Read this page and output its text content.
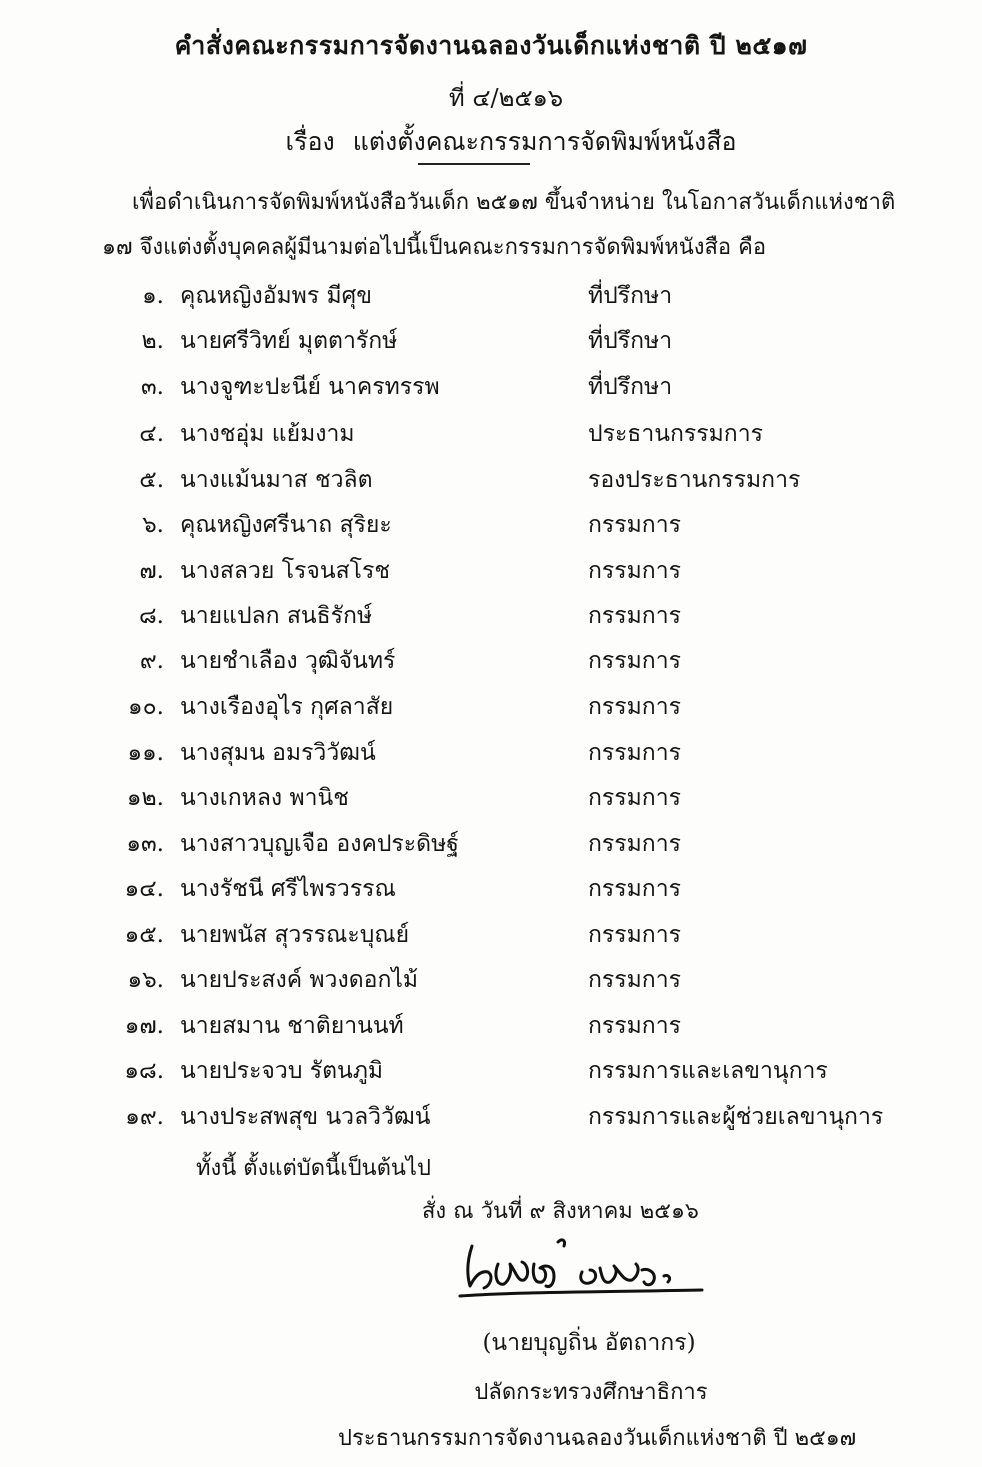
คำสั่งคณะกรรมการจัดงานฉลองวันเด็กแห่งชาติ ปี ๒๕๑๗
ที่ ๔/๒๕๑๖
เรื่อง แต่งตั้งคณะกรรมการจัดพิมพ์หนังสือ
เพื่อดำเนินการจัดพิมพ์หนังสือวันเด็ก ๒๕๑๗ ขึ้นจำหน่าย ในโอกาสวันเด็กแห่งชาติ
๑๗ จึงแต่งตั้งบุคคลผู้มีนามต่อไปนี้เป็นคณะกรรมการจัดพิมพ์หนังสือ คือ
๑. คุณหญิงอัมพร มีศุข	ที่ปรึกษา
๒. นายศรีวิทย์ มุตตารักษ์	ที่ปรึกษา
๓. นางจูฑะปะนีย์ นาครทรรพ	ที่ปรึกษา
๔. นางชอุ่ม แย้มงาม	ประธานกรรมการ
๕. นางแม้นมาส ชวลิต	รองประธานกรรมการ
๖. คุณหญิงศรีนาถ สุริยะ	กรรมการ
๗. นางสลวย โรจนสโรช	กรรมการ
๘. นายแปลก สนธิรักษ์	กรรมการ
๙. นายชำเลือง วุฒิจันทร์	กรรมการ
๑๐. นางเรืองอุไร กุศลาสัย	กรรมการ
๑๑. นางสุมน อมรวิวัฒน์	กรรมการ
๑๒. นางเกหลง พานิช	กรรมการ
๑๓. นางสาวบุญเจือ องคประดิษฐ์	กรรมการ
๑๔. นางรัชนี ศรีไพรวรรณ	กรรมการ
๑๕. นายพนัส สุวรรณะบุณย์	กรรมการ
๑๖. นายประสงค์ พวงดอกไม้	กรรมการ
๑๗. นายสมาน ชาติยานนท์	กรรมการ
๑๘. นายประจวบ รัตนภูมิ	กรรมการและเลขานุการ
๑๙. นางประสพสุข นวลวิวัฒน์	กรรมการและผู้ช่วยเลขานุการ
ทั้งนี้ ตั้งแต่บัดนี้เป็นต้นไป
สั่ง ณ วันที่ ๙ สิงหาคม ๒๕๑๖
(นายบุญถิ่น อัตถากร)
ปลัดกระทรวงศึกษาธิการ
ประธานกรรมการจัดงานฉลองวันเด็กแห่งชาติ ปี ๒๕๑๗
